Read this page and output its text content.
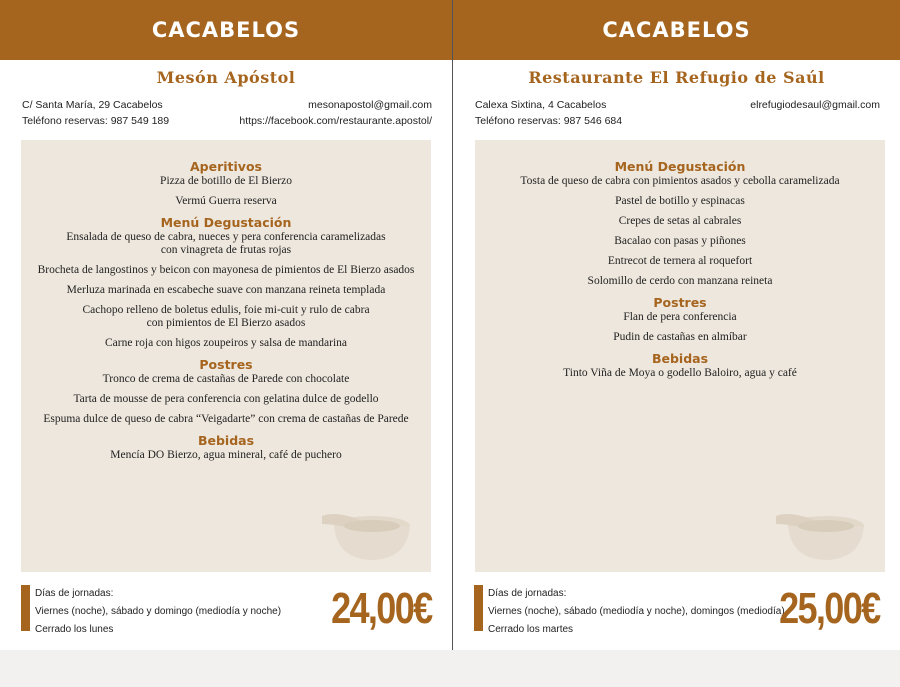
CACABELOS
Mesón Apóstol
C/ Santa María, 29 Cacabelos
Teléfono reservas: 987 549 189
mesonapostol@gmail.com
https://facebook.com/restaurante.apostol/
Aperitivos
Pizza de botillo de El Bierzo
Vermú Guerra reserva
Menú Degustación
Ensalada de queso de cabra, nueces y pera conferencia caramelizadas
con vinagreta de frutas rojas
Brocheta de langostinos y beicon con mayonesa de pimientos de El Bierzo asados
Merluza marinada en escabeche suave con manzana reineta templada
Cachopo relleno de boletus edulis, foie mi-cuit y rulo de cabra
con pimientos de El Bierzo asados
Carne roja con higos zoupeiros y salsa de mandarina
Postres
Tronco de crema de castañas de Parede con chocolate
Tarta de mousse de pera conferencia con gelatina dulce de godello
Espuma dulce de queso de cabra “Veigadarte” con crema de castañas de Parede
Bebidas
Mencía DO Bierzo, agua mineral, café de puchero
Días de jornadas:
Viernes (noche), sábado y domingo (mediodía y noche)
Cerrado los lunes	24,00€
CACABELOS
Restaurante El Refugio de Saúl
Calexa Sixtina, 4 Cacabelos
Teléfono reservas: 987 546 684
elrefugiodesaul@gmail.com
Menú Degustación
Tosta de queso de cabra con pimientos asados y cebolla caramelizada
Pastel de botillo y espinacas
Crepes de setas al cabrales
Bacalao con pasas y piñones
Entrecot de ternera al roquefort
Solomillo de cerdo con manzana reineta
Postres
Flan de pera conferencia
Pudin de castañas en almíbar
Bebidas
Tinto Viña de Moya o godello Baloiro, agua y café
Días de jornadas:
Viernes (noche), sábado (mediodía y noche), domingos (mediodía)
Cerrado los martes	25,00€
